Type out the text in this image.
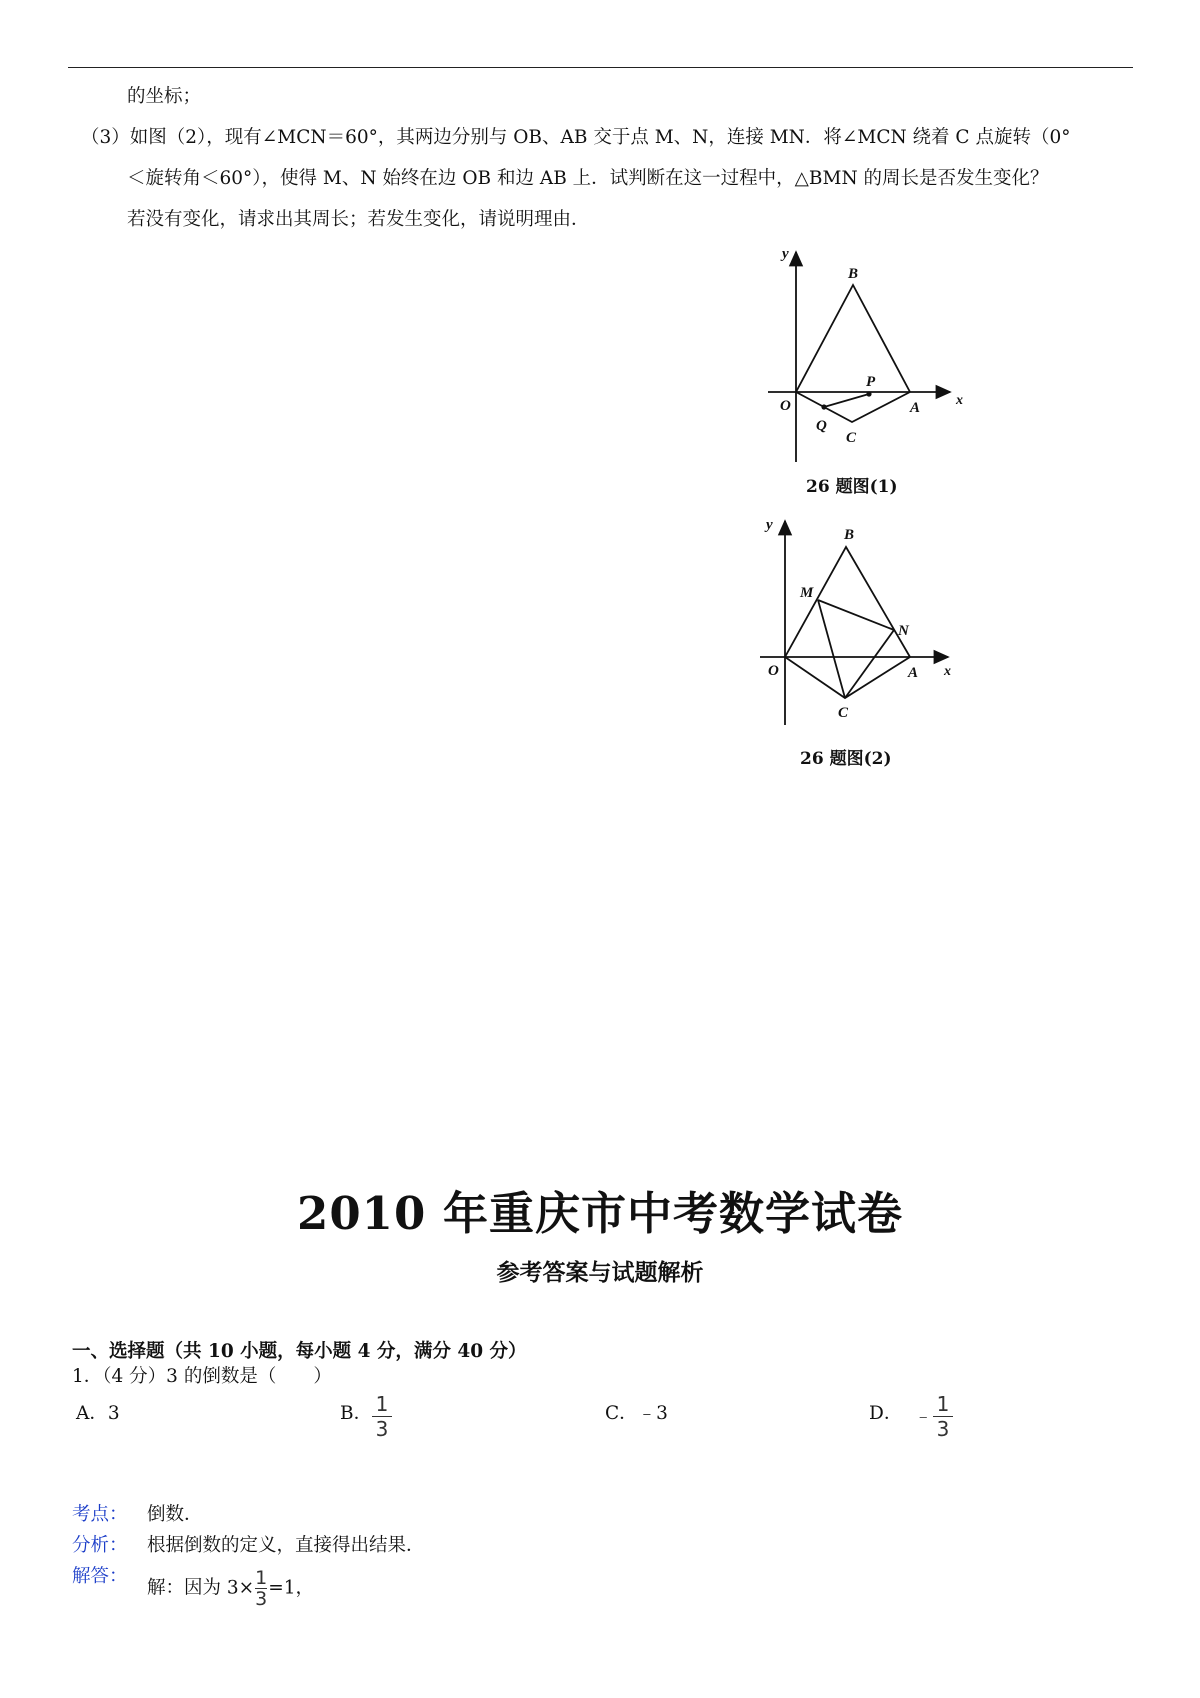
的坐标；
（3）如图（2），现有∠MCN＝60°，其两边分别与 OB、AB 交于点 M、N，连接 MN．将∠MCN 绕着 C 点旋转（0°
＜旋转角＜60°），使得 M、N 始终在边 OB 和边 AB 上．试判断在这一过程中，△BMN 的周长是否发生变化？
若没有变化，请求出其周长；若发生变化，请说明理由．
y
x
O
B
P
A
Q
C
26 题图(1)
y
x
O
B
M
N
A
C
26 题图(2)
2010 年重庆市中考数学试卷
参考答案与试题解析
一、选择题（共 10 小题，每小题 4 分，满分 40 分）
1．（4 分）3 的倒数是（　　）
A．3	B． 1
3
C．﹣3	D． ﹣
1
3
考点： 倒数．
分析： 根据倒数的定义，直接得出结果．
解答：
解：因为 $3\times \frac{1}{3} =1$，
